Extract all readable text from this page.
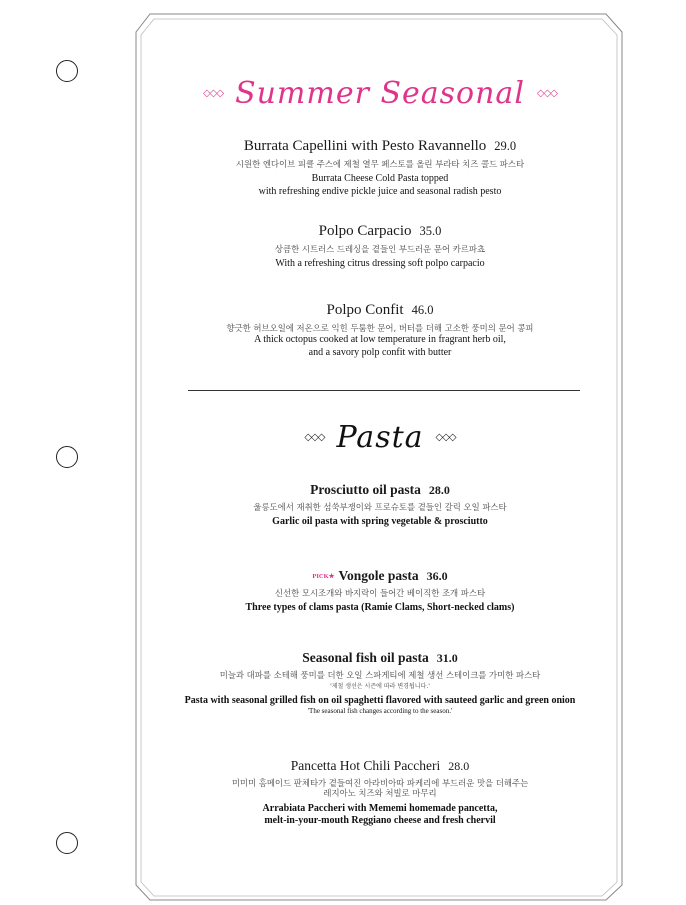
◇◇◇ Summer Seasonal ◇◇◇
Burrata Capellini with Pesto Ravannello 29.0
시원한 엔다이브 피클 주스에 제철 열무 페스토를 올린 부라타 치즈 콜드 파스타
Burrata Cheese Cold Pasta topped
with refreshing endive pickle juice and seasonal radish pesto
Polpo Carpacio 35.0
상큼한 시트러스 드레싱을 곁들인 부드러운 문어 카르파쵸
With a refreshing citrus dressing soft polpo carpacio
Polpo Confit 46.0
향긋한 허브오일에 저온으로 익힌 두툼한 문어, 버터를 더해 고소한 풍미의 문어 콩피
A thick octopus cooked at low temperature in fragrant herb oil,
and a savory polp confit with butter
◇◇◇ Pasta ◇◇◇
Prosciutto oil pasta 28.0
울릉도에서 재취한 섬쑥부쟁이와 프로슈토를 곁들인 갈릭 오일 파스타
Garlic oil pasta with spring vegetable & prosciutto
PICK★ Vongole pasta 36.0
신선한 모시조개와 바지락이 들어간 베이직한 조개 파스타
Three types of clams pasta (Ramie Clams, Short-necked clams)
Seasonal fish oil pasta 31.0
미늘과 대파를 소테해 풍미를 더한 오일 스파게티에 제철 생선 스테이크를 가미한 파스타
'제철 생선은 시즌에 따라 변경됩니다.'
Pasta with seasonal grilled fish on oil spaghetti flavored with sauteed garlic and green onion
'The seasonal fish changes according to the season.'
Pancetta Hot Chili Paccheri 28.0
미미미 홈메이드 판체타가 곁들여진 아라비아따 파케리에 부드러운 맛을 더해주는
레지아노 치즈와 처빌로 마무리
Arrabiata Paccheri with Mememi homemade pancetta,
melt-in-your-mouth Reggiano cheese and fresh chervil
